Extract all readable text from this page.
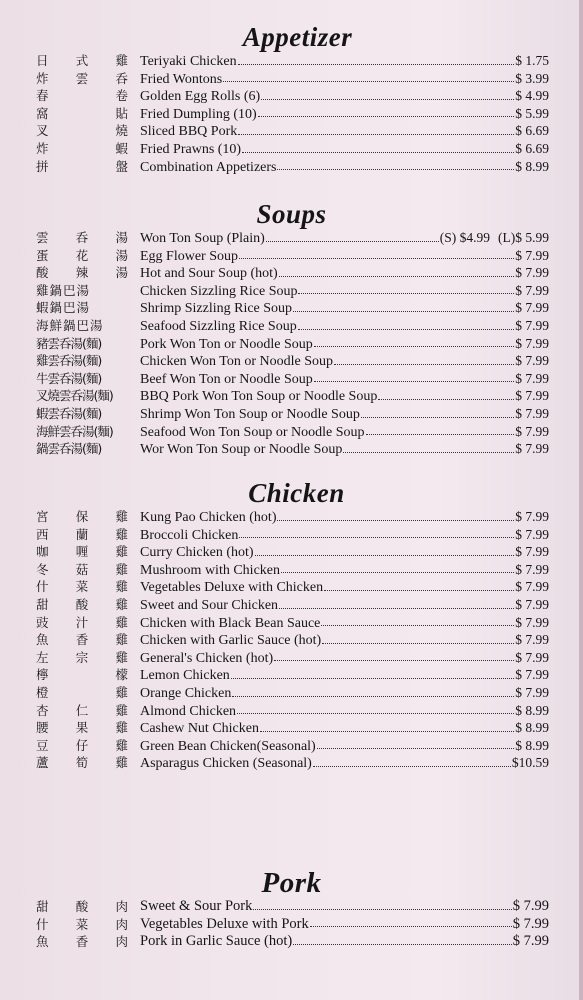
Appetizer
日 式 雞 Teriyaki Chicken	$ 1.75
炸 雲 呑 Fried Wontons	$ 3.99
春	卷 Golden Egg Rolls (6)	$ 4.99
窩	貼 Fried Dumpling (10)	$ 5.99
叉	燒 Sliced BBQ Pork	$ 6.69
炸	蝦 Fried Prawns (10)	$ 6.69
拼	盤 Combination Appetizers	$ 8.99
Soups
雲 呑 湯 Won Ton Soup (Plain)	(S) $4.99 (L)$ 5.99
蛋 花 湯 Egg Flower Soup	$ 7.99
酸 辣 湯 Hot and Sour Soup (hot)	$ 7.99
雞鍋巴湯	Chicken Sizzling Rice Soup	$ 7.99
蝦鍋巴湯	Shrimp Sizzling Rice Soup	$ 7.99
海鮮鍋巴湯	Seafood Sizzling Rice Soup	$ 7.99
豬雲呑湯(麵)	Pork Won Ton or Noodle Soup	$ 7.99
雞雲呑湯(麵)	Chicken Won Ton or Noodle Soup	$ 7.99
牛雲呑湯(麵)	Beef Won Ton or Noodle Soup	$ 7.99
叉燒雲呑湯(麵)	BBQ Pork Won Ton Soup or Noodle Soup	$ 7.99
蝦雲呑湯(麵)	Shrimp Won Ton Soup or Noodle Soup	$ 7.99
海鮮雲呑湯(麵)	Seafood Won Ton Soup or Noodle Soup	$ 7.99
鍋雲呑湯(麵)	Wor Won Ton Soup or Noodle Soup	$ 7.99
Chicken
宮 保 雞 Kung Pao Chicken (hot)	$ 7.99
西 蘭 雞 Broccoli Chicken	$ 7.99
咖 喱 雞 Curry Chicken (hot)	$ 7.99
冬 菇 雞 Mushroom with Chicken	$ 7.99
什 菜 雞 Vegetables Deluxe with Chicken	$ 7.99
甜 酸 雞 Sweet and Sour Chicken	$ 7.99
豉 汁 雞 Chicken with Black Bean Sauce	$ 7.99
魚 香 雞 Chicken with Garlic Sauce (hot)	$ 7.99
左 宗 雞 General's Chicken (hot)	$ 7.99
檸	檬 Lemon Chicken	$ 7.99
橙	雞 Orange Chicken	$ 7.99
杏 仁 雞 Almond Chicken	$ 8.99
腰 果 雞 Cashew Nut Chicken	$ 8.99
豆 仔 雞 Green Bean Chicken(Seasonal)	$ 8.99
蘆 筍 雞 Asparagus Chicken (Seasonal)	$10.59
Pork
甜 酸 肉 Sweet & Sour Pork	$ 7.99
什 菜 肉 Vegetables Deluxe with Pork	$ 7.99
魚 香 肉 Pork in Garlic Sauce (hot)	$ 7.99
